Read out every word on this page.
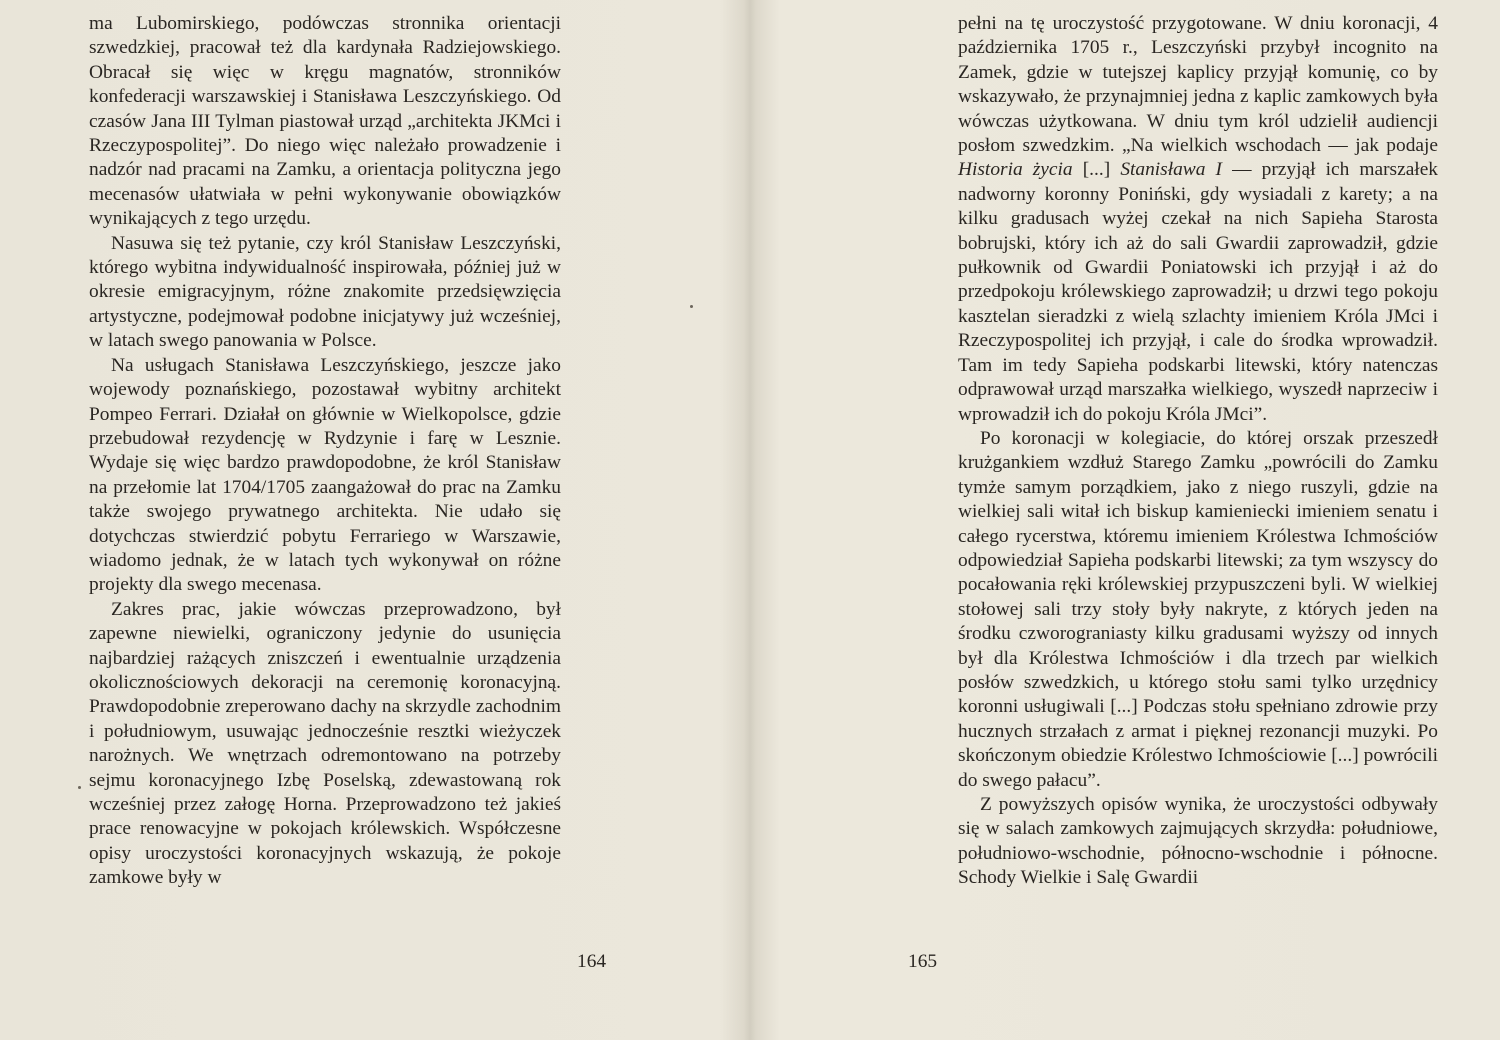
ma Lubomirskiego, podówczas stronnika orientacji szwedzkiej, pracował też dla kardynała Radziejowskiego. Obracał się więc w kręgu magnatów, stronników konfederacji warszawskiej i Stanisława Leszczyńskiego. Od czasów Jana III Tylman piastował urząd „architekta JKMci i Rzeczypospolitej”. Do niego więc należało prowadzenie i nadzór nad pracami na Zamku, a orientacja polityczna jego mecenasów ułatwiała w pełni wykonywanie obowiązków wynikających z tego urzędu.

Nasuwa się też pytanie, czy król Stanisław Leszczyński, którego wybitna indywidualność inspirowała, później już w okresie emigracyjnym, różne znakomite przedsięwzięcia artystyczne, podejmował podobne inicjatywy już wcześniej, w latach swego panowania w Polsce.

Na usługach Stanisława Leszczyńskiego, jeszcze jako wojewody poznańskiego, pozostawał wybitny architekt Pompeo Ferrari. Działał on głównie w Wielkopolsce, gdzie przebudował rezydencję w Rydzynie i farę w Lesznie. Wydaje się więc bardzo prawdopodobne, że król Stanisław na przełomie lat 1704/1705 zaangażował do prac na Zamku także swojego prywatnego architekta. Nie udało się dotychczas stwierdzić pobytu Ferrariego w Warszawie, wiadomo jednak, że w latach tych wykonywał on różne projekty dla swego mecenasa.

Zakres prac, jakie wówczas przeprowadzono, był zapewne niewielki, ograniczony jedynie do usunięcia najbardziej rażących zniszczeń i ewentualnie urządzenia okolicznościowych dekoracji na ceremonię koronacyjną. Prawdopodobnie zreperowano dachy na skrzydle zachodnim i południowym, usuwając jednocześnie resztki wieżyczek narożnych. We wnętrzach odremontowano na potrzeby sejmu koronacyjnego Izbę Poselską, zdewastowaną rok wcześniej przez załogę Horna. Przeprowadzono też jakieś prace renowacyjne w pokojach królewskich. Współczesne opisy uroczystości koronacyjnych wskazują, że pokoje zamkowe były w

164

pełni na tę uroczystość przygotowane. W dniu koronacji, 4 października 1705 r., Leszczyński przybył incognito na Zamek, gdzie w tutejszej kaplicy przyjął komunię, co by wskazywało, że przynajmniej jedna z kaplic zamkowych była wówczas użytkowana. W dniu tym król udzielił audiencji posłom szwedzkim. „Na wielkich wschodach — jak podaje Historia życia [...] Stanisława I — przyjął ich marszałek nadworny koronny Poniński, gdy wysiadali z karety; a na kilku gradusach wyżej czekał na nich Sapieha Starosta bobrujski, który ich aż do sali Gwardii zaprowadził, gdzie pułkownik od Gwardii Poniatowski ich przyjął i aż do przedpokoju królewskiego zaprowadził; u drzwi tego pokoju kasztelan sieradzki z wielą szlachty imieniem Króla JMci i Rzeczypospolitej ich przyjął, i cale do środka wprowadził. Tam im tedy Sapieha podskarbi litewski, który natenczas odprawował urząd marszałka wielkiego, wyszedł naprzeciw i wprowadził ich do pokoju Króla JMci”.

Po koronacji w kolegiacie, do której orszak przeszedł krużgankiem wzdłuż Starego Zamku „powrócili do Zamku tymże samym porządkiem, jako z niego ruszyli, gdzie na wielkiej sali witał ich biskup kamieniecki imieniem senatu i całego rycerstwa, któremu imieniem Królestwa Ichmościów odpowiedział Sapieha podskarbi litewski; za tym wszyscy do pocałowania ręki królewskiej przypuszczeni byli. W wielkiej stołowej sali trzy stoły były nakryte, z których jeden na środku czworograniasty kilku gradusami wyższy od innych był dla Królestwa Ichmościów i dla trzech par wielkich posłów szwedzkich, u którego stołu sami tylko urzędnicy koronni usługiwali [...] Podczas stołu spełniano zdrowie przy hucznych strzałach z armat i pięknej rezonancji muzyki. Po skończonym obiedzie Królestwo Ichmościowie [...] powrócili do swego pałacu”.

Z powyższych opisów wynika, że uroczystości odbywały się w salach zamkowych zajmujących skrzydła: południowe, południowo-wschodnie, północno-wschodnie i północne. Schody Wielkie i Salę Gwardii

165
